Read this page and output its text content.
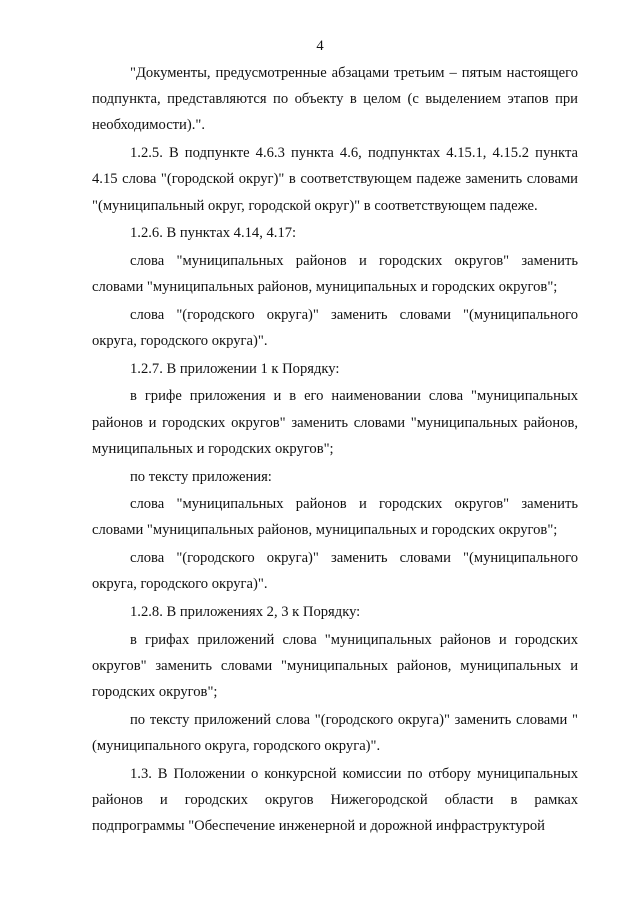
4

"Документы, предусмотренные абзацами третьим – пятым настоящего подпункта, представляются по объекту в целом (с выделением этапов при необходимости).".

1.2.5. В подпункте 4.6.3 пункта 4.6, подпунктах 4.15.1, 4.15.2 пункта 4.15 слова "(городской округ)" в соответствующем падеже заменить словами "(муниципальный округ, городской округ)" в соответствующем падеже.

1.2.6. В пунктах 4.14, 4.17:

слова "муниципальных районов и городских округов" заменить словами "муниципальных районов, муниципальных и городских округов";

слова "(городского округа)" заменить словами "(муниципального округа, городского округа)".

1.2.7. В приложении 1 к Порядку:

в грифе приложения и в его наименовании слова "муниципальных районов и городских округов" заменить словами "муниципальных районов, муниципальных и городских округов";

по тексту приложения:

слова "муниципальных районов и городских округов" заменить словами "муниципальных районов, муниципальных и городских округов";

слова "(городского округа)" заменить словами "(муниципального округа, городского округа)".

1.2.8. В приложениях 2, 3 к Порядку:

в грифах приложений слова "муниципальных районов и городских округов" заменить словами "муниципальных районов, муниципальных и городских округов";

по тексту приложений слова "(городского округа)" заменить словами "(муниципального округа, городского округа)".

1.3. В Положении о конкурсной комиссии по отбору муниципальных районов и городских округов Нижегородской области в рамках подпрограммы "Обеспечение инженерной и дорожной инфраструктурой
